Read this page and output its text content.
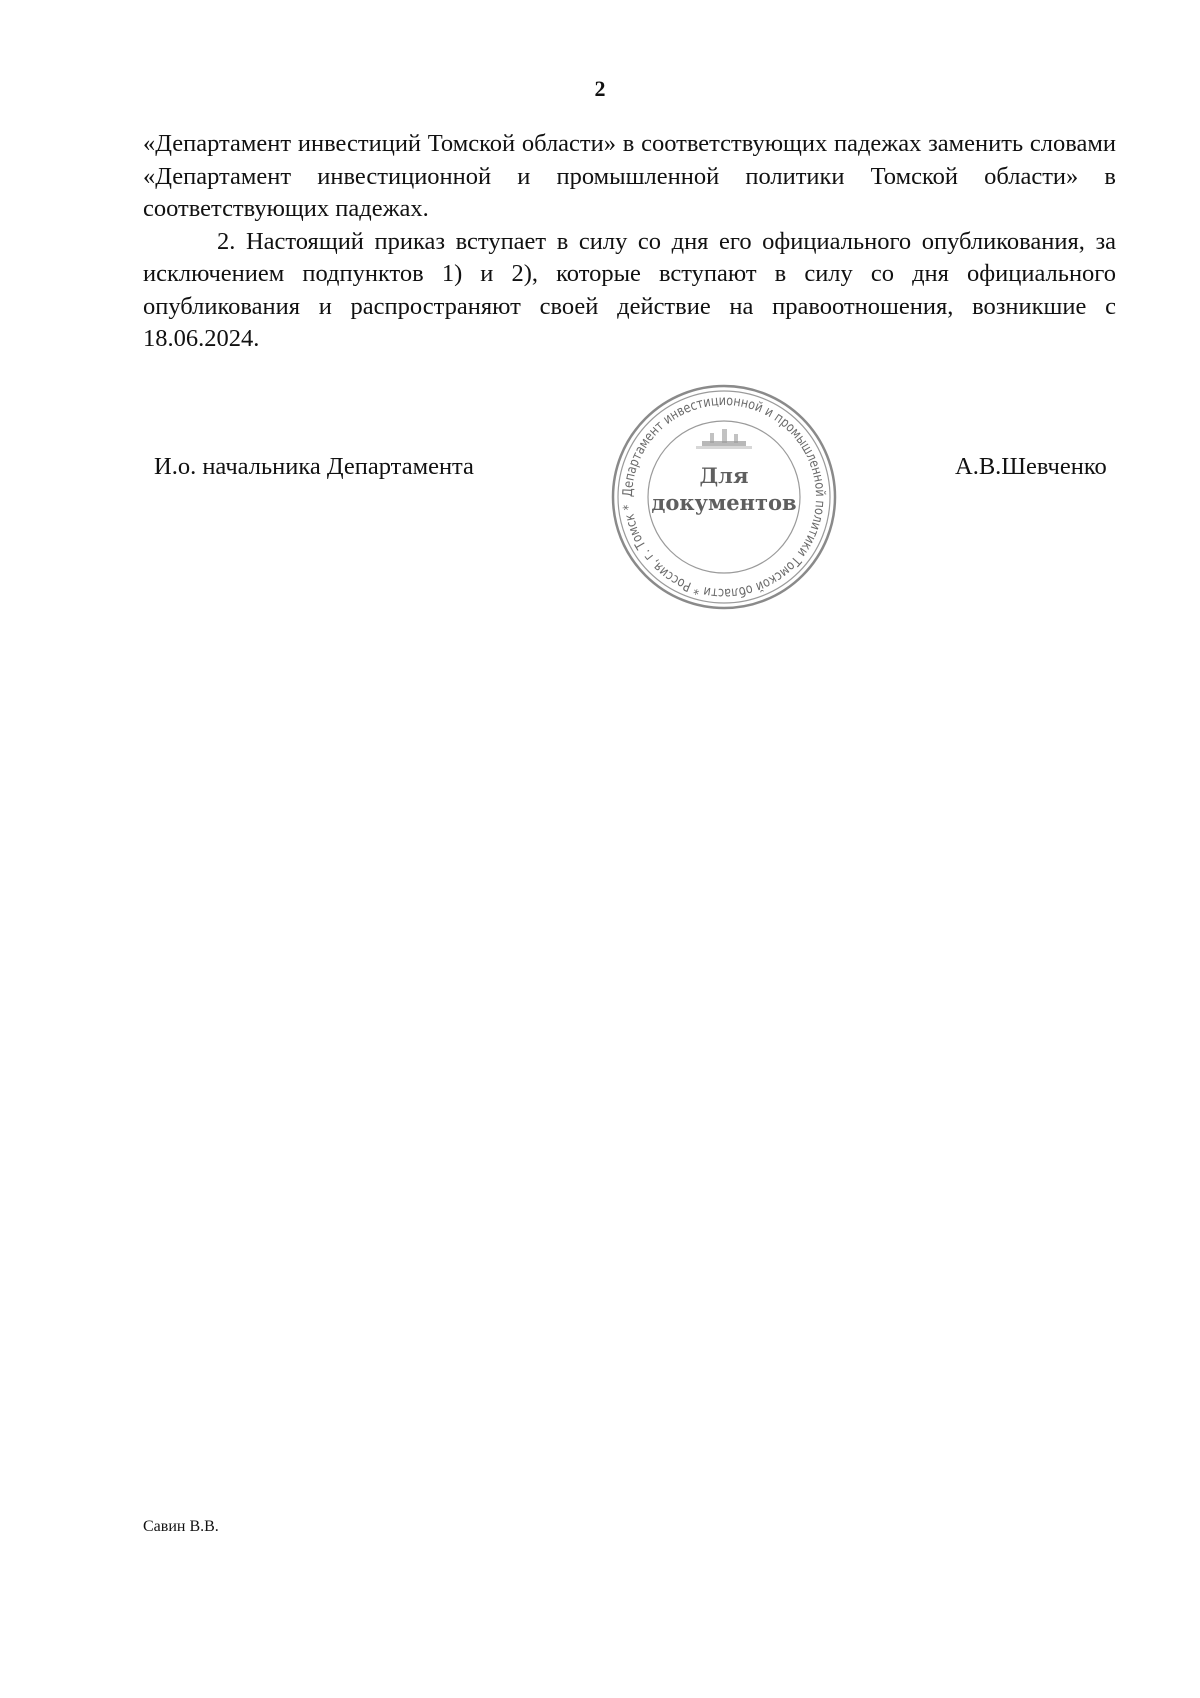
2

«Департамент инвестиций Томской области» в соответствующих падежах заменить словами «Департамент инвестиционной и промышленной политики Томской области» в соответствующих падежах.

2. Настоящий приказ вступает в силу со дня его официального опубликования, за исключением подпунктов 1) и 2), которые вступают в силу со дня официального опубликования и распространяют своей действие на правоотношения, возникшие с 18.06.2024.

И.о. начальника Департамента
Департамент инвестиционной и промышленной политики Томской области * Россия, г. Томск *
Для
документов
А.В.Шевченко
Савин В.В.
